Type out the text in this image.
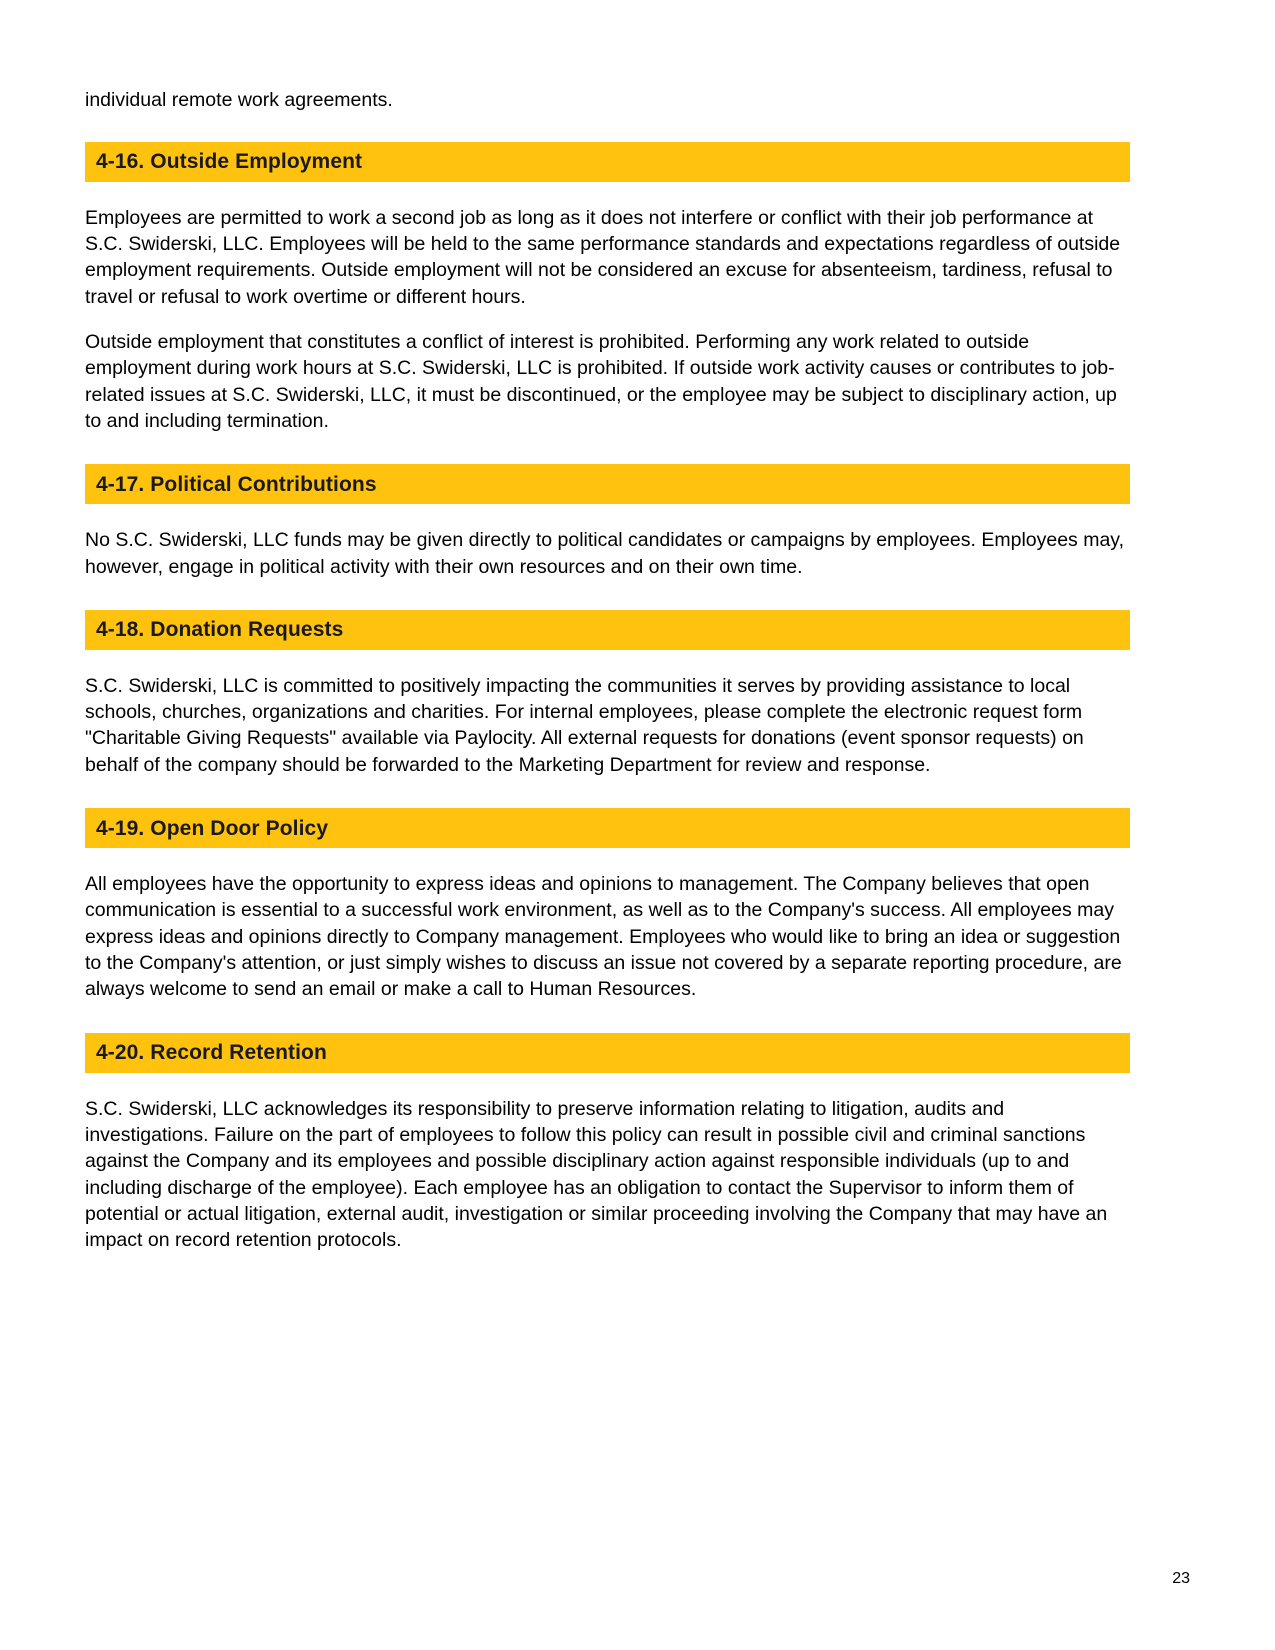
individual remote work agreements.

4-16. Outside Employment

Employees are permitted to work a second job as long as it does not interfere or conflict with their job performance at S.C. Swiderski, LLC. Employees will be held to the same performance standards and expectations regardless of outside employment requirements. Outside employment will not be considered an excuse for absenteeism, tardiness, refusal to travel or refusal to work overtime or different hours.

Outside employment that constitutes a conflict of interest is prohibited. Performing any work related to outside employment during work hours at S.C. Swiderski, LLC is prohibited. If outside work activity causes or contributes to job-related issues at S.C. Swiderski, LLC, it must be discontinued, or the employee may be subject to disciplinary action, up to and including termination.

4-17. Political Contributions

No S.C. Swiderski, LLC funds may be given directly to political candidates or campaigns by employees. Employees may, however, engage in political activity with their own resources and on their own time.

4-18. Donation Requests

S.C. Swiderski, LLC is committed to positively impacting the communities it serves by providing assistance to local schools, churches, organizations and charities. For internal employees, please complete the electronic request form "Charitable Giving Requests" available via Paylocity. All external requests for donations (event sponsor requests) on behalf of the company should be forwarded to the Marketing Department for review and response.

4-19. Open Door Policy

All employees have the opportunity to express ideas and opinions to management. The Company believes that open communication is essential to a successful work environment, as well as to the Company's success. All employees may express ideas and opinions directly to Company management. Employees who would like to bring an idea or suggestion to the Company's attention, or just simply wishes to discuss an issue not covered by a separate reporting procedure, are always welcome to send an email or make a call to Human Resources.

4-20. Record Retention

S.C. Swiderski, LLC acknowledges its responsibility to preserve information relating to litigation, audits and investigations. Failure on the part of employees to follow this policy can result in possible civil and criminal sanctions against the Company and its employees and possible disciplinary action against responsible individuals (up to and including discharge of the employee). Each employee has an obligation to contact the Supervisor to inform them of potential or actual litigation, external audit, investigation or similar proceeding involving the Company that may have an impact on record retention protocols.

23
